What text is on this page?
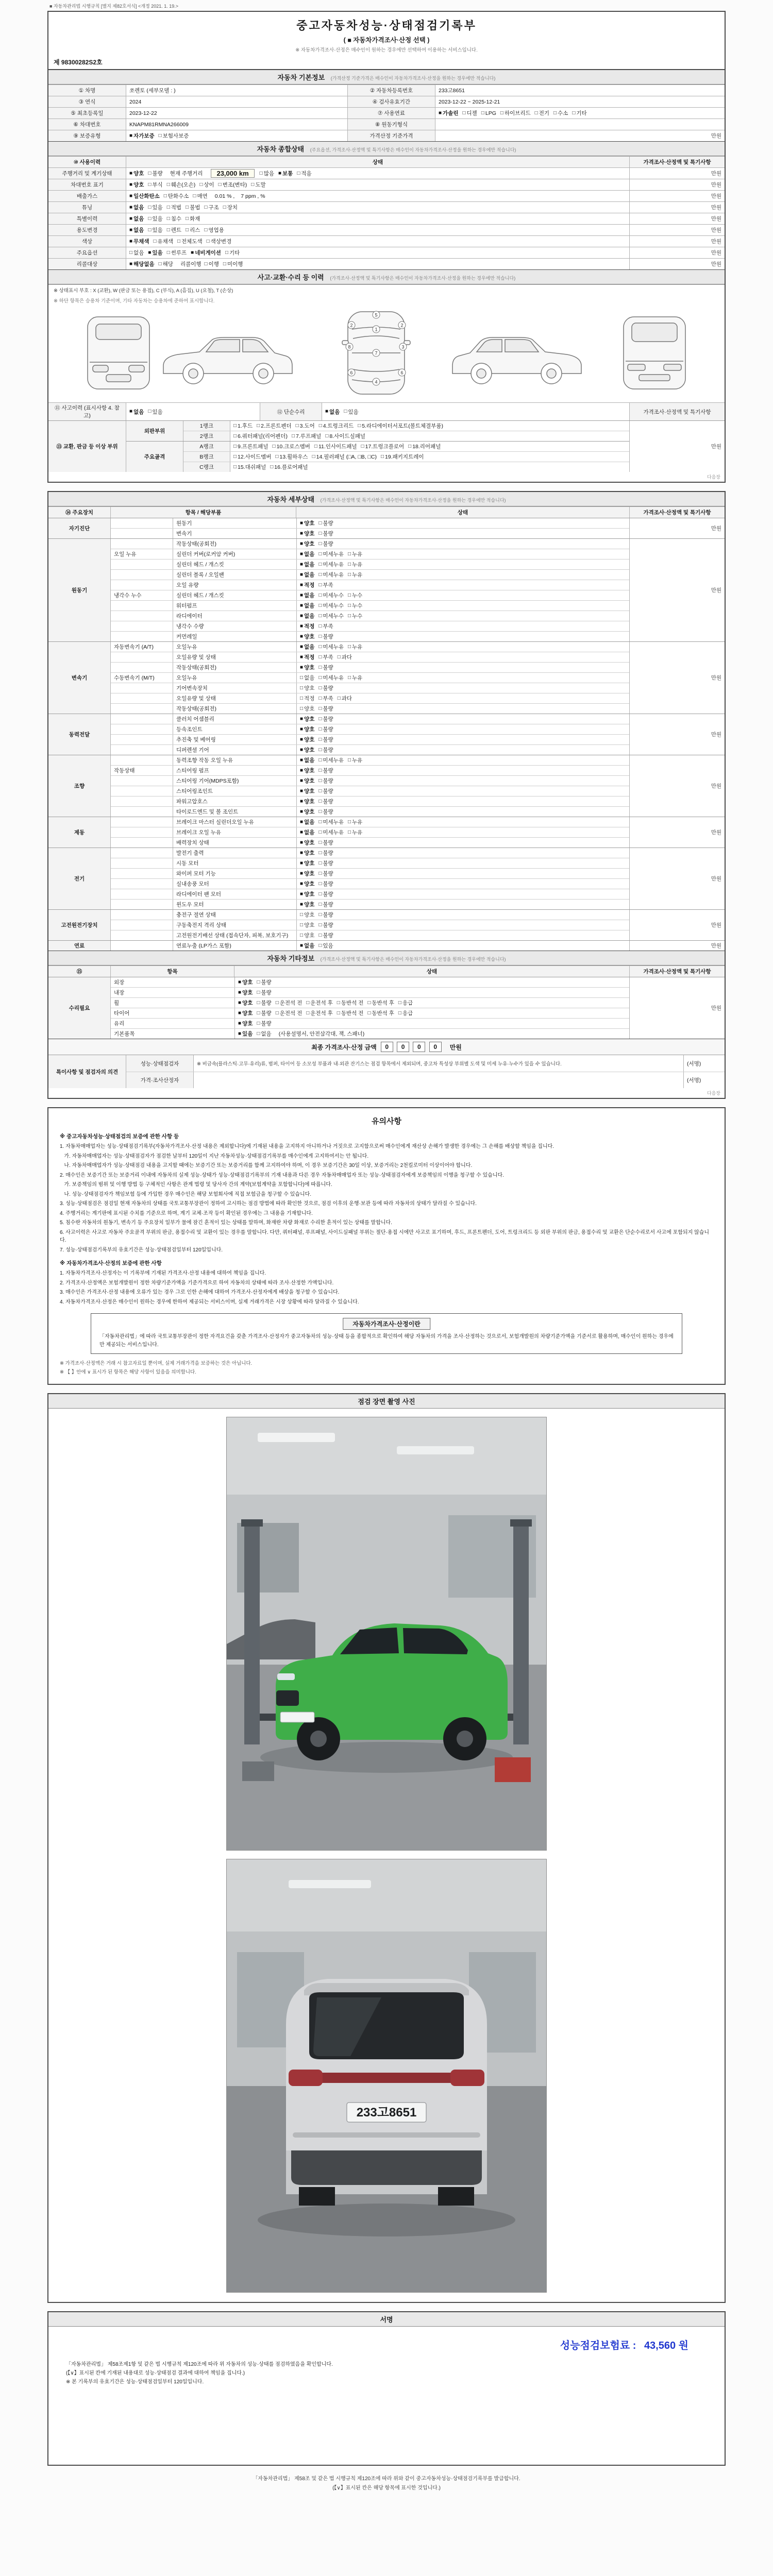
■ 자동차관리법 시행규칙 [별지 제82호서식] <개정 2021. 1. 19.>
중고자동차성능·상태점검기록부
( ■ 자동차가격조사·산정 선택 )
※ 자동차가격조사·산정은 매수인이 원하는 경우에만 선택하여 이용하는 서비스입니다.
제 98300282S2호
자동차 기본정보 (가격산정 기준가격은 매수인이 자동차가격조사·산정을 원하는 경우에만 적습니다)
① 차명	쏘렌토 (세부모델 : )	② 자동차등록번호	233고8651
③ 연식	2024	④ 검사유효기간	2023-12-22 ~ 2025-12-21
⑤ 최초등록일	2023-12-22	⑦ 사용연료	■ 가솔린 □ 디젤 □ LPG □ 하이브리드 □ 전기 □ 수소 □ 기타
⑥ 차대번호	KNAPM81RMNA266009	⑧ 원동기형식
⑨ 보증유형	■ 자가보증 □ 보험사보증	가격산정 기준가격	만원
자동차 종합상태 (주요옵션, 가격조사·산정액 및 특기사항은 매수인이 자동차가격조사·산정을 원하는 경우에만 적습니다)
⑩ 사용이력	상태	가격조사·산정액 및 특기사항
주행거리 및 계기상태	■ 양호 □ 불량	현재 주행거리	23,000 km	□ 많음 ■ 보통 □ 적음	만원
차대번호 표기	■ 양호 □ 부식 □ 훼손(오손) □ 상이 □ 변조(변타) □ 도말	만원
배출가스	■ 일산화탄소 □ 탄화수소 □ 매연	0.01 % , 7 ppm , %	만원
튜닝	■ 없음 □ 있음 □ 적법 □ 불법 □ 구조 □ 장치	만원
특별이력	■ 없음 □ 있음 □ 침수 □ 화재	만원
용도변경	■ 없음 □ 있음 □ 렌트 □ 리스 □ 영업용	만원
색상	■ 무채색 □ 유채색 □ 전체도색 □ 색상변경	만원
주요옵션	□ 없음 ■ 있음 □ 썬루프 ■ 네비게이션 □ 기타	만원
리콜대상	■ 해당없음 □ 해당	리콜이행 □ 이행 □ 미이행	만원
사고·교환·수리 등 이력 (가격조사·산정액 및 특기사항은 매수인이 자동차가격조사·산정을 원하는 경우에만 적습니다)
※ 상태표시 부호 : X (교환), W (판금 또는 용접), C (부식), A (흠집), U (요철), T (손상)
※ 하단 항목은 승용차 기준이며, 기타 자동차는 승용차에 준하여 표시합니다.
5
2
1
2
8	3
7
6	6
4
⑪ 사고이력 (표시사항 4. 참고)
■ 없음 □ 있음	⑫ 단순수리	■ 없음 □ 있음	가격조사·산정액 및 특기사항
⑬ 교환, 판금 등 이상 부위
외판부위
1랭크	□ 1.후드 □ 2.프론트펜더 □ 3.도어 □ 4.트렁크리드 □ 5.라디에이터서포트(볼트체결부품)
2랭크	□ 6.쿼터패널(리어펜더) □ 7.루프패널 □ 8.사이드실패널
주요골격
A랭크	□ 9.프론트패널 □ 10.크로스멤버 □ 11.인사이드패널 □ 17.트렁크플로어 □ 18.리어패널
B랭크	□ 12.사이드멤버 □ 13.휠하우스 □ 14.필러패널 (□A, □B, □C) □ 19.패키지트레이
C랭크	□ 15.대쉬패널 □ 16.플로어패널
만원
다음장
자동차 세부상태 (가격조사·산정액 및 특기사항은 매수인이 자동차가격조사·산정을 원하는 경우에만 적습니다)
⑭ 주요장치	항목 / 해당부품	상태	가격조사·산정액 및 특기사항
자기진단
원동기	■ 양호 □ 불량
변속기	■ 양호 □ 불량
만원
원동기
작동상태(공회전)	■ 양호 □ 불량
오일 누유	실린더 커버(로커암 커버)	■ 없음 □ 미세누유 □ 누유
실린더 헤드 / 개스킷	■ 없음 □ 미세누유 □ 누유
실린더 블록 / 오일팬	■ 없음 □ 미세누유 □ 누유
오일 유량	■ 적정 □ 부족
냉각수 누수	실린더 헤드 / 개스킷	■ 없음 □ 미세누수 □ 누수
워터펌프	■ 없음 □ 미세누수 □ 누수
라디에이터	■ 없음 □ 미세누수 □ 누수
냉각수 수량	■ 적정 □ 부족
커먼레일	■ 양호 □ 불량
만원
변속기
자동변속기 (A/T)	오일누유	■ 없음 □ 미세누유 □ 누유
오일유량 및 상태	■ 적정 □ 부족 □ 과다
작동상태(공회전)	■ 양호 □ 불량
수동변속기 (M/T)	오일누유	□ 없음 □ 미세누유 □ 누유
기어변속장치	□ 양호 □ 불량
오일유량 및 상태	□ 적정 □ 부족 □ 과다
작동상태(공회전)	□ 양호 □ 불량
만원
동력전달
클러치 어셈블리	■ 양호 □ 불량
등속조인트	■ 양호 □ 불량
추진축 및 베어링	■ 양호 □ 불량
디퍼렌셜 기어	■ 양호 □ 불량
만원
조향
동력조향 작동 오일 누유	■ 없음 □ 미세누유 □ 누유
작동상태	스티어링 펌프	■ 양호 □ 불량
스티어링 기어(MDPS포함)	■ 양호 □ 불량
스티어링조인트	■ 양호 □ 불량
파워고압호스	■ 양호 □ 불량
타이로드엔드 및 볼 조인트	■ 양호 □ 불량
만원
제동
브레이크 마스터 실린더오일 누유	■ 없음 □ 미세누유 □ 누유
브레이크 오일 누유	■ 없음 □ 미세누유 □ 누유
배력장치 상태	■ 양호 □ 불량
만원
전기
발전기 출력	■ 양호 □ 불량
시동 모터	■ 양호 □ 불량
와이퍼 모터 기능	■ 양호 □ 불량
실내송풍 모터	■ 양호 □ 불량
라디에이터 팬 모터	■ 양호 □ 불량
윈도우 모터	■ 양호 □ 불량
만원
고전원전기장치
충전구 절연 상태	□ 양호 □ 불량
구동축전지 격리 상태	□ 양호 □ 불량
고전원전기배선 상태 (접속단자, 피복, 보호기구)	□ 양호 □ 불량
만원
연료	연료누출 (LP가스 포함)	■ 없음 □ 있음	만원
자동차 기타정보 (가격조사·산정액 및 특기사항은 매수인이 자동차가격조사·산정을 원하는 경우에만 적습니다)
⑮	항목	상태	가격조사·산정액 및 특기사항
수리필요
외장	■ 양호 □ 불량
내장	■ 양호 □ 불량
휠	■ 양호 □ 불량 □ 운전석 전 □ 운전석 후 □ 동반석 전 □ 동반석 후 □ 응급
타이어	■ 양호 □ 불량 □ 운전석 전 □ 운전석 후 □ 동반석 전 □ 동반석 후 □ 응급
유리	■ 양호 □ 불량
기본품목	■ 있음 □ 없음	(사용설명서, 안전삼각대, 잭, 스패너)
만원
최종 가격조사·산정 금액	0 0 0 0	만원
특이사항 및 점검자의 의견
성능·상태점검자	※ 비금속(플라스틱·고무·유리)류, 범퍼, 타이어 등 소모성 부품과 내·외관 잔기스는 점검 항목에서 제외되며, 중고차 특성상 부위별 도색 및 미세 누유·누수가 있을 수 있습니다.	(서명)
가격·조사산정자	(서명)
다음장
유의사항
※ 중고자동차성능·상태점검의 보증에 관한 사항 등
1. 자동차매매업자는 성능·상태점검기록부(자동차가격조사·산정 내용은 제외합니다)에 기재된 내용을 고지하지 아니하거나 거짓으로 고지함으로써 매수인에게 재산상 손해가 발생한 경우에는 그 손해를 배상할 책임을 집니다.
가. 자동차매매업자는 성능·상태점검자가 점검한 날부터 120일이 지난 자동차성능·상태점검기록부를 매수인에게 고지하여서는 안 됩니다.
나. 자동차매매업자가 성능·상태점검 내용을 고지할 때에는 보증기간 또는 보증거리를 함께 고지하여야 하며, 이 경우 보증기간은 30일 이상, 보증거리는 2천킬로미터 이상이어야 합니다.
2. 매수인은 보증기간 또는 보증거리 이내에 자동차의 실제 성능·상태가 성능·상태점검기록부의 기재 내용과 다른 경우 자동차매매업자 또는 성능·상태점검자에게 보증책임의 이행을 청구할 수 있습니다.
가. 보증책임의 범위 및 이행 방법 등 구체적인 사항은 관계 법령 및 당사자 간의 계약(보험계약을 포함합니다)에 따릅니다.
나. 성능·상태점검자가 책임보험 등에 가입한 경우 매수인은 해당 보험회사에 직접 보험금을 청구할 수 있습니다.
3. 성능·상태점검은 점검일 현재 자동차의 상태를 국토교통부장관이 정하여 고시하는 점검 방법에 따라 확인한 것으로, 점검 이후의 운행·보관 등에 따라 자동차의 상태가 달라질 수 있습니다.
4. 주행거리는 계기판에 표시된 수치를 기준으로 하며, 계기 교체·조작 등이 확인된 경우에는 그 내용을 기재합니다.
5. 침수란 자동차의 원동기, 변속기 등 주요장치 일부가 물에 잠긴 흔적이 있는 상태를 말하며, 화재란 차량 화재로 수리한 흔적이 있는 상태를 말합니다.
6. 사고이력은 사고로 자동차 주요골격 부위의 판금, 용접수리 및 교환이 있는 경우를 말합니다. 다만, 쿼터패널, 루프패널, 사이드실패널 부위는 절단·용접 시에만 사고로 표기하며, 후드, 프론트펜더, 도어, 트렁크리드 등 외판 부위의 판금, 용접수리 및 교환은 단순수리로서 사고에 포함되지 않습니다.
7. 성능·상태점검기록부의 유효기간은 성능·상태점검일부터 120일입니다.
※ 자동차가격조사·산정의 보증에 관한 사항
1. 자동차가격조사·산정자는 이 기록부에 기재된 가격조사·산정 내용에 대하여 책임을 집니다.
2. 가격조사·산정액은 보험개발원이 정한 차량기준가액을 기준가격으로 하여 자동차의 상태에 따라 조사·산정한 가액입니다.
3. 매수인은 가격조사·산정 내용에 오류가 있는 경우 그로 인한 손해에 대하여 가격조사·산정자에게 배상을 청구할 수 있습니다.
4. 자동차가격조사·산정은 매수인이 원하는 경우에 한하여 제공되는 서비스이며, 실제 거래가격은 시장 상황에 따라 달라질 수 있습니다.
자동차가격조사·산정이란
「자동차관리법」에 따라 국토교통부장관이 정한 자격요건을 갖춘 가격조사·산정자가 중고자동차의 성능·상태 등을 종합적으로 확인하여 해당 자동차의 가격을 조사·산정하는 것으로서, 보험개발원의 차량기준가액을 기준서로 활용하며, 매수인이 원하는 경우에만 제공되는 서비스입니다.
※ 가격조사·산정액은 거래 시 참고자료일 뿐이며, 실제 거래가격을 보증하는 것은 아닙니다.
※ 【 】안에 ∨ 표시가 된 항목은 해당 사항이 있음을 의미합니다.
점검 장면 촬영 사진
233고8651
서명
성능점검보험료 : 43,560 원
「자동차관리법」 제58조제1항 및 같은 법 시행규칙 제120조에 따라 위 자동차의 성능·상태를 점검하였음을 확인합니다.
(【∨】표시된 칸에 기재된 내용대로 성능·상태점검 결과에 대하여 책임을 집니다.)
※ 본 기록부의 유효기간은 성능·상태점검일부터 120일입니다.
「자동차관리법」 제58조 및 같은 법 시행규칙 제120조에 따라 위와 같이 중고자동차성능·상태점검기록부를 발급합니다.
(【∨】표시된 칸은 해당 항목에 표시한 것입니다.)
